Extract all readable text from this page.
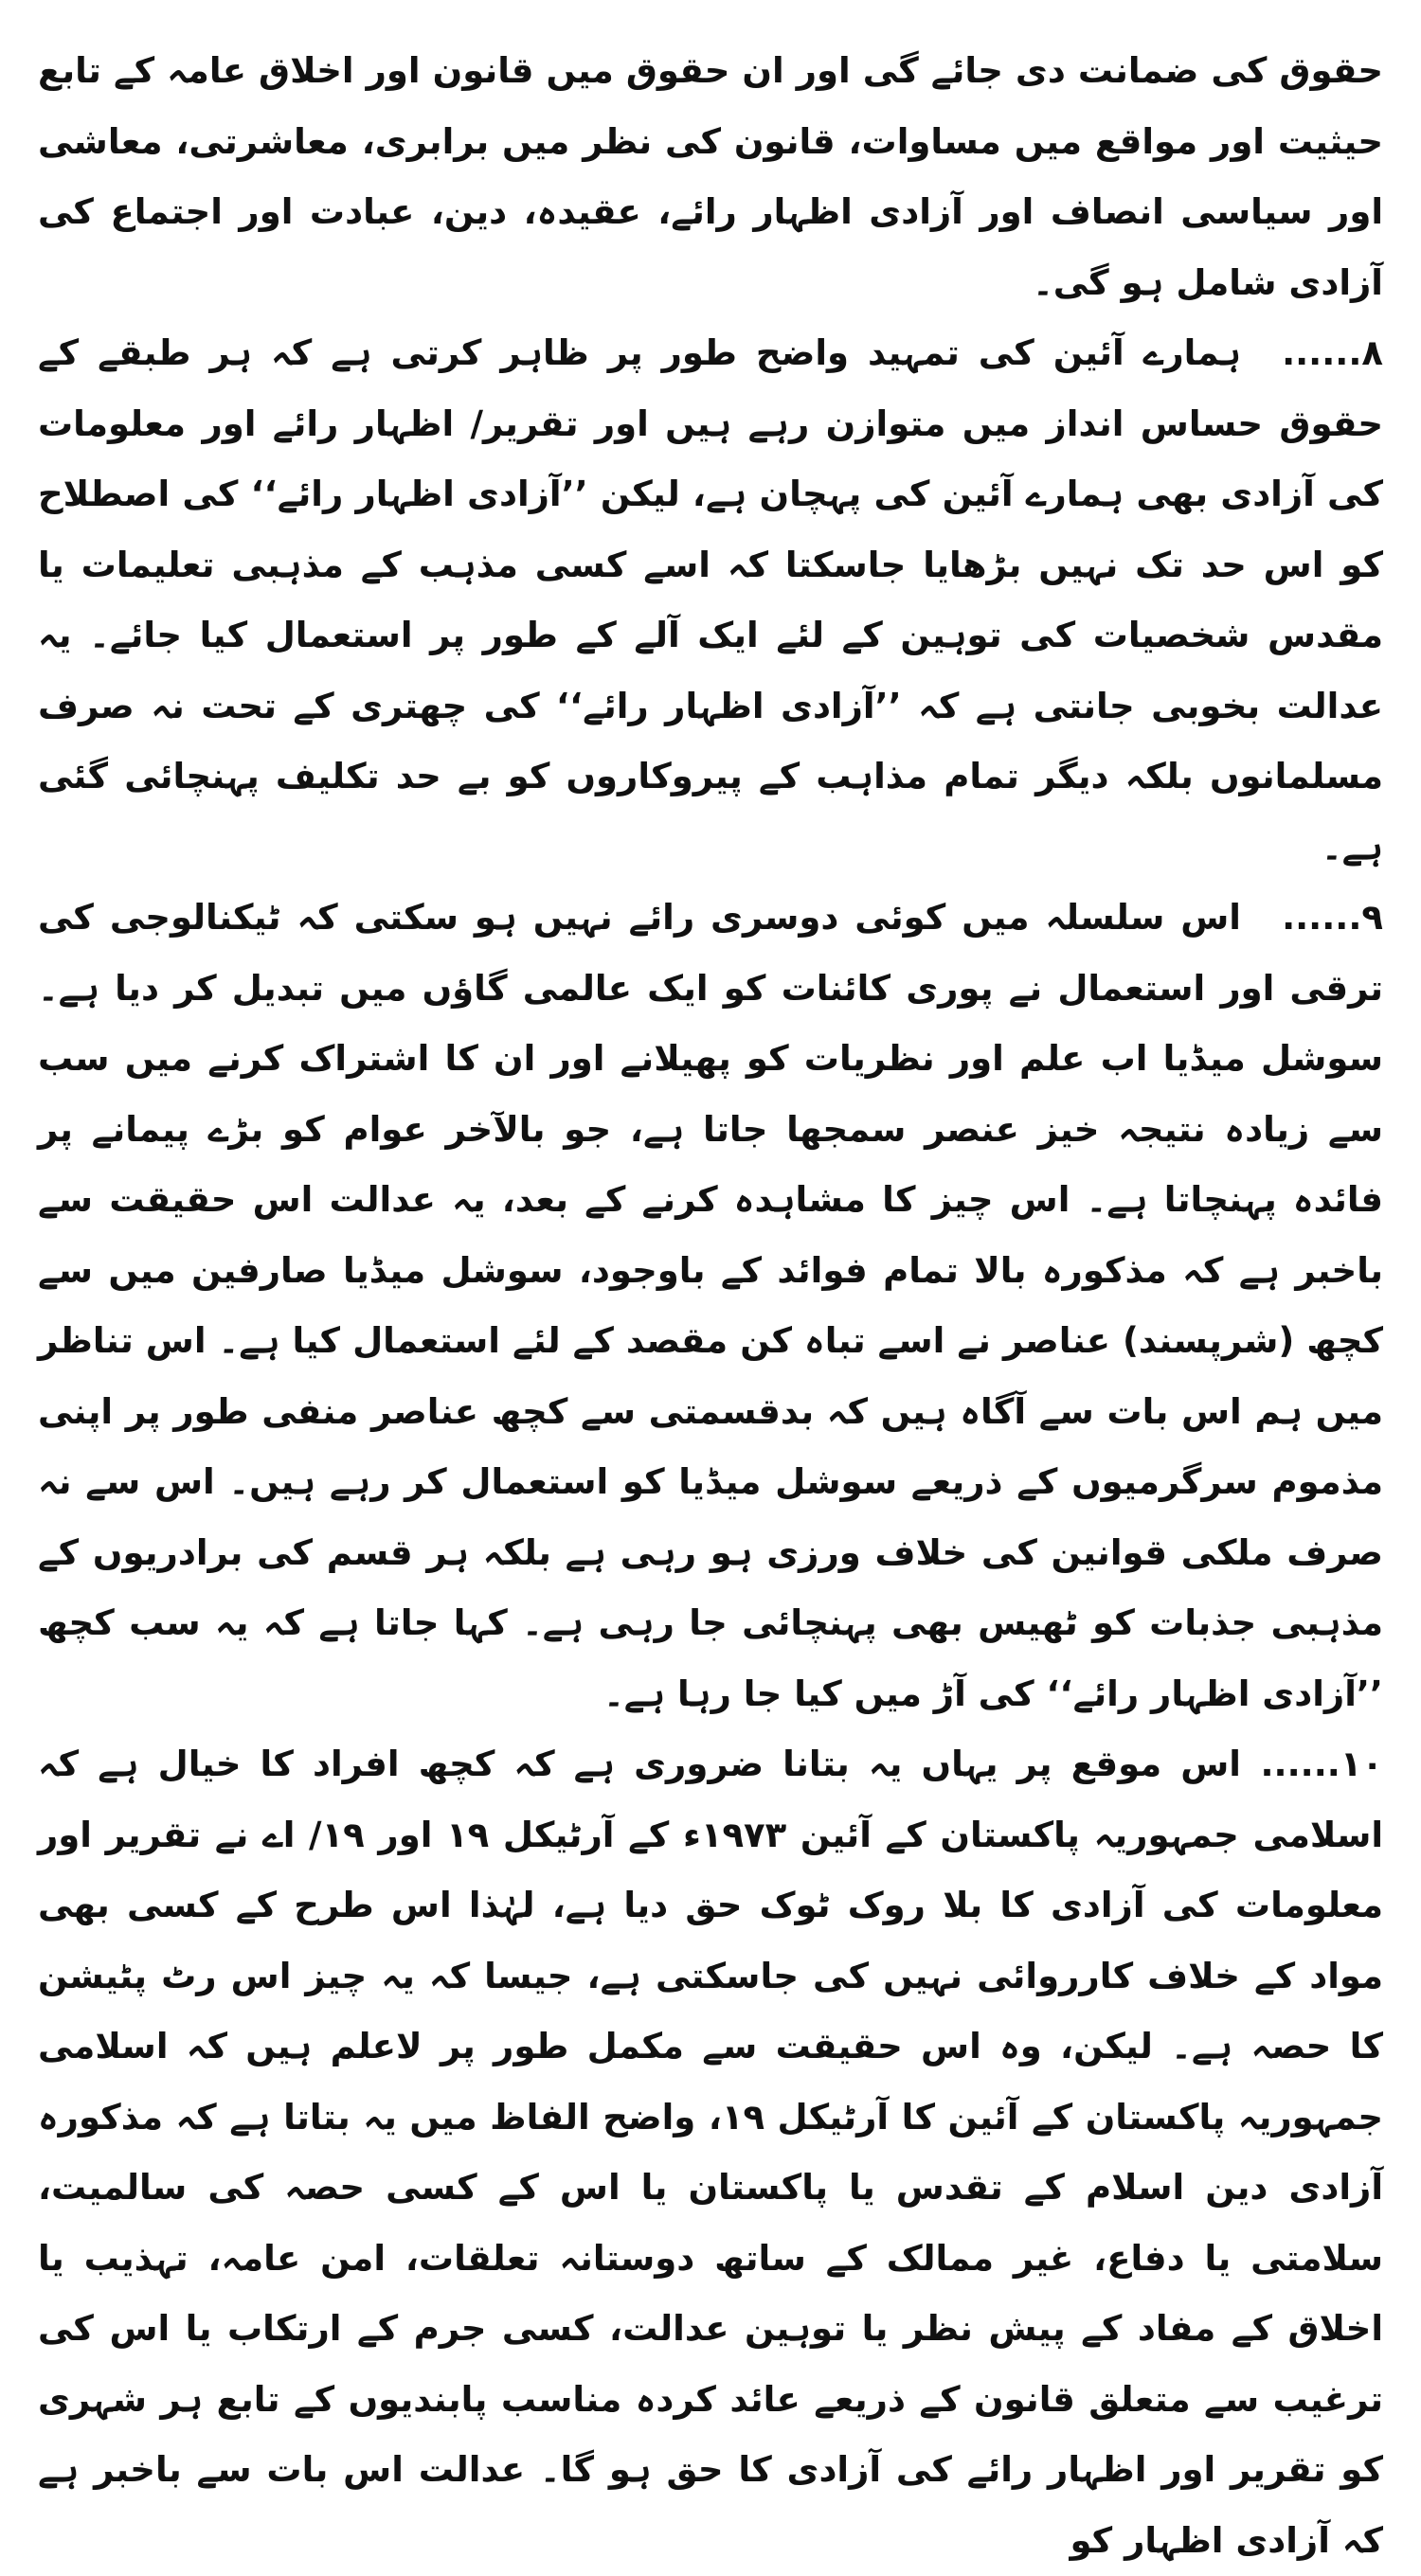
حقوق کی ضمانت دی جائے گی اور ان حقوق میں قانون اور اخلاق عامہ کے تابع حیثیت اور مواقع میں مساوات، قانون کی نظر میں برابری، معاشرتی، معاشی اور سیاسی انصاف اور آزادی اظہار رائے، عقیدہ، دین، عبادت اور اجتماع کی آزادی شامل ہو گی۔

۸......ہمارے آئین کی تمہید واضح طور پر ظاہر کرتی ہے کہ ہر طبقے کے حقوق حساس انداز میں متوازن رہے ہیں اور تقریر/ اظہار رائے اور معلومات کی آزادی بھی ہمارے آئین کی پہچان ہے، لیکن ’’آزادی اظہار رائے‘‘ کی اصطلاح کو اس حد تک نہیں بڑھایا جاسکتا کہ اسے کسی مذہب کے مذہبی تعلیمات یا مقدس شخصیات کی توہین کے لئے ایک آلے کے طور پر استعمال کیا جائے۔ یہ عدالت بخوبی جانتی ہے کہ ’’آزادی اظہار رائے‘‘ کی چھتری کے تحت نہ صرف مسلمانوں بلکہ دیگر تمام مذاہب کے پیروکاروں کو بے حد تکلیف پہنچائی گئی ہے۔

۹......اس سلسلہ میں کوئی دوسری رائے نہیں ہو سکتی کہ ٹیکنالوجی کی ترقی اور استعمال نے پوری کائنات کو ایک عالمی گاؤں میں تبدیل کر دیا ہے۔ سوشل میڈیا اب علم اور نظریات کو پھیلانے اور ان کا اشتراک کرنے میں سب سے زیادہ نتیجہ خیز عنصر سمجھا جاتا ہے، جو بالآخر عوام کو بڑے پیمانے پر فائدہ پہنچاتا ہے۔ اس چیز کا مشاہدہ کرنے کے بعد، یہ عدالت اس حقیقت سے باخبر ہے کہ مذکورہ بالا تمام فوائد کے باوجود، سوشل میڈیا صارفین میں سے کچھ (شرپسند) عناصر نے اسے تباہ کن مقصد کے لئے استعمال کیا ہے۔ اس تناظر میں ہم اس بات سے آگاہ ہیں کہ بدقسمتی سے کچھ عناصر منفی طور پر اپنی مذموم سرگرمیوں کے ذریعے سوشل میڈیا کو استعمال کر رہے ہیں۔ اس سے نہ صرف ملکی قوانین کی خلاف ورزی ہو رہی ہے بلکہ ہر قسم کی برادریوں کے مذہبی جذبات کو ٹھیس بھی پہنچائی جا رہی ہے۔ کہا جاتا ہے کہ یہ سب کچھ ’’آزادی اظہار رائے‘‘ کی آڑ میں کیا جا رہا ہے۔

۱۰......اس موقع پر یہاں یہ بتانا ضروری ہے کہ کچھ افراد کا خیال ہے کہ اسلامی جمہوریہ پاکستان کے آئین ۱۹۷۳ء کے آرٹیکل ۱۹ اور ۱۹/ اے نے تقریر اور معلومات کی آزادی کا بلا روک ٹوک حق دیا ہے، لہٰذا اس طرح کے کسی بھی مواد کے خلاف کارروائی نہیں کی جاسکتی ہے، جیسا کہ یہ چیز اس رٹ پٹیشن کا حصہ ہے۔ لیکن، وہ اس حقیقت سے مکمل طور پر لاعلم ہیں کہ اسلامی جمہوریہ پاکستان کے آئین کا آرٹیکل ۱۹، واضح الفاظ میں یہ بتاتا ہے کہ مذکورہ آزادی دین اسلام کے تقدس یا پاکستان یا اس کے کسی حصہ کی سالمیت، سلامتی یا دفاع، غیر ممالک کے ساتھ دوستانہ تعلقات، امن عامہ، تہذیب یا اخلاق کے مفاد کے پیش نظر یا توہین عدالت، کسی جرم کے ارتکاب یا اس کی ترغیب سے متعلق قانون کے ذریعے عائد کردہ مناسب پابندیوں کے تابع ہر شہری کو تقریر اور اظہار رائے کی آزادی کا حق ہو گا۔ عدالت اس بات سے باخبر ہے کہ آزادی اظہار کو
